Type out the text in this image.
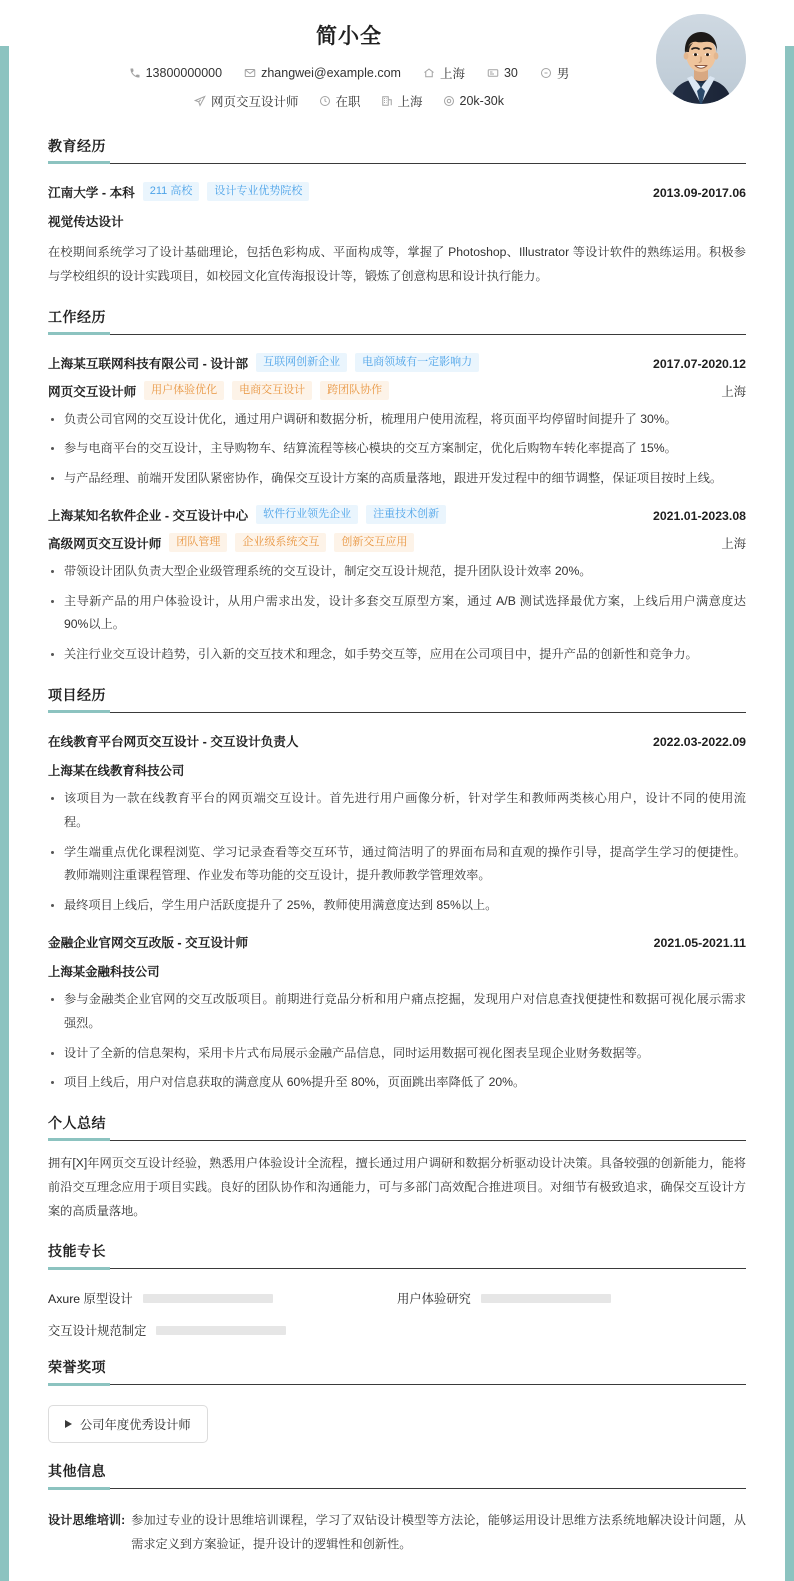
简小全
13800000000	zhangwei@example.com	上海	30	男
网页交互设计师	在职	上海	20k-30k
教育经历
江南大学 - 本科	211 高校	设计专业优势院校	2013.09-2017.06
视觉传达设计
在校期间系统学习了设计基础理论，包括色彩构成、平面构成等，掌握了 Photoshop、Illustrator 等设计软件的熟练运用。积极参与学校组织的设计实践项目，如校园文化宣传海报设计等，锻炼了创意构思和设计执行能力。
工作经历
上海某互联网科技有限公司 - 设计部	互联网创新企业	电商领域有一定影响力	2017.07-2020.12
网页交互设计师	用户体验优化	电商交互设计	跨团队协作	上海
负责公司官网的交互设计优化，通过用户调研和数据分析，梳理用户使用流程，将页面平均停留时间提升了 30%。
参与电商平台的交互设计，主导购物车、结算流程等核心模块的交互方案制定，优化后购物车转化率提高了 15%。
与产品经理、前端开发团队紧密协作，确保交互设计方案的高质量落地，跟进开发过程中的细节调整，保证项目按时上线。
上海某知名软件企业 - 交互设计中心	软件行业领先企业	注重技术创新	2021.01-2023.08
高级网页交互设计师	团队管理	企业级系统交互	创新交互应用	上海
带领设计团队负责大型企业级管理系统的交互设计，制定交互设计规范，提升团队设计效率 20%。
主导新产品的用户体验设计，从用户需求出发，设计多套交互原型方案，通过 A/B 测试选择最优方案，上线后用户满意度达 90%以上。
关注行业交互设计趋势，引入新的交互技术和理念，如手势交互等，应用在公司项目中，提升产品的创新性和竞争力。
项目经历
在线教育平台网页交互设计 - 交互设计负责人	2022.03-2022.09
上海某在线教育科技公司
该项目为一款在线教育平台的网页端交互设计。首先进行用户画像分析，针对学生和教师两类核心用户，设计不同的使用流程。
学生端重点优化课程浏览、学习记录查看等交互环节，通过简洁明了的界面布局和直观的操作引导，提高学生学习的便捷性。教师端则注重课程管理、作业发布等功能的交互设计，提升教师教学管理效率。
最终项目上线后，学生用户活跃度提升了 25%，教师使用满意度达到 85%以上。
金融企业官网交互改版 - 交互设计师	2021.05-2021.11
上海某金融科技公司
参与金融类企业官网的交互改版项目。前期进行竞品分析和用户痛点挖掘，发现用户对信息查找便捷性和数据可视化展示需求强烈。
设计了全新的信息架构，采用卡片式布局展示金融产品信息，同时运用数据可视化图表呈现企业财务数据等。
项目上线后，用户对信息获取的满意度从 60%提升至 80%，页面跳出率降低了 20%。
个人总结
拥有[X]年网页交互设计经验，熟悉用户体验设计全流程，擅长通过用户调研和数据分析驱动设计决策。具备较强的创新能力，能将前沿交互理念应用于项目实践。良好的团队协作和沟通能力，可与多部门高效配合推进项目。对细节有极致追求，确保交互设计方案的高质量落地。
技能专长
Axure 原型设计	用户体验研究
交互设计规范制定
荣誉奖项
公司年度优秀设计师
其他信息
设计思维培训: 参加过专业的设计思维培训课程，学习了双钻设计模型等方法论，能够运用设计思维方法系统地解决设计问题，从需求定义到方案验证，提升设计的逻辑性和创新性。
